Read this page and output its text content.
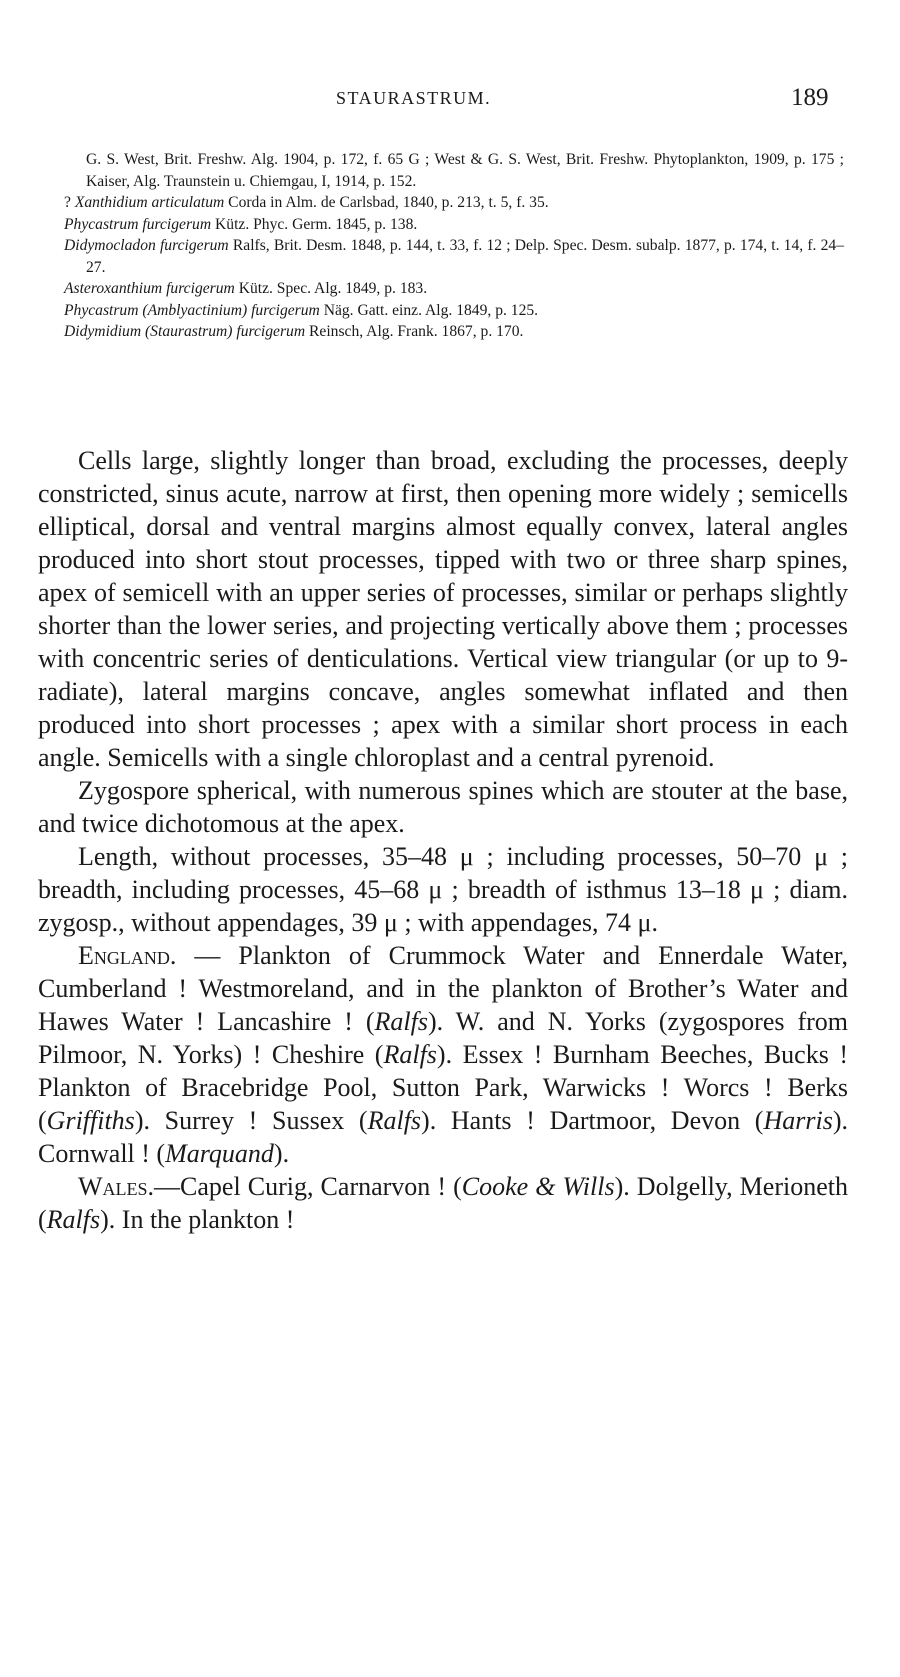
STAURASTRUM.	189

G. S. West, Brit. Freshw. Alg. 1904, p. 172, f. 65 G ; West & G. S. West, Brit. Freshw. Phytoplankton, 1909, p. 175 ; Kaiser, Alg. Traunstein u. Chiemgau, I, 1914, p. 152.

? Xanthidium articulatum Corda in Alm. de Carlsbad, 1840, p. 213, t. 5, f. 35.

Phycastrum furcigerum Kütz. Phyc. Germ. 1845, p. 138.

Didymocladon furcigerum Ralfs, Brit. Desm. 1848, p. 144, t. 33, f. 12 ; Delp. Spec. Desm. subalp. 1877, p. 174, t. 14, f. 24–27.

Asteroxanthium furcigerum Kütz. Spec. Alg. 1849, p. 183.

Phycastrum (Amblyactinium) furcigerum Näg. Gatt. einz. Alg. 1849, p. 125.

Didymidium (Staurastrum) furcigerum Reinsch, Alg. Frank. 1867, p. 170.

Cells large, slightly longer than broad, excluding the processes, deeply constricted, sinus acute, narrow at first, then opening more widely ; semicells elliptical, dorsal and ventral margins almost equally convex, lateral angles produced into short stout processes, tipped with two or three sharp spines, apex of semicell with an upper series of processes, similar or perhaps slightly shorter than the lower series, and projecting vertically above them ; processes with concentric series of denticulations. Vertical view triangular (or up to 9-radiate), lateral margins concave, angles somewhat inflated and then produced into short processes ; apex with a similar short process in each angle. Semicells with a single chloroplast and a central pyrenoid.

Zygospore spherical, with numerous spines which are stouter at the base, and twice dichotomous at the apex.

Length, without processes, 35–48 μ ; including processes, 50–70 μ ; breadth, including processes, 45–68 μ ; breadth of isthmus 13–18 μ ; diam. zygosp., without appendages, 39 μ ; with appendages, 74 μ.

England. — Plankton of Crummock Water and Ennerdale Water, Cumberland ! Westmoreland, and in the plankton of Brother’s Water and Hawes Water ! Lancashire ! (Ralfs). W. and N. Yorks (zygospores from Pilmoor, N. Yorks) ! Cheshire (Ralfs). Essex ! Burnham Beeches, Bucks ! Plankton of Bracebridge Pool, Sutton Park, Warwicks ! Worcs ! Berks (Griffiths). Surrey ! Sussex (Ralfs). Hants ! Dartmoor, Devon (Harris). Cornwall ! (Marquand).

Wales.—Capel Curig, Carnarvon ! (Cooke & Wills). Dolgelly, Merioneth (Ralfs). In the plankton !
